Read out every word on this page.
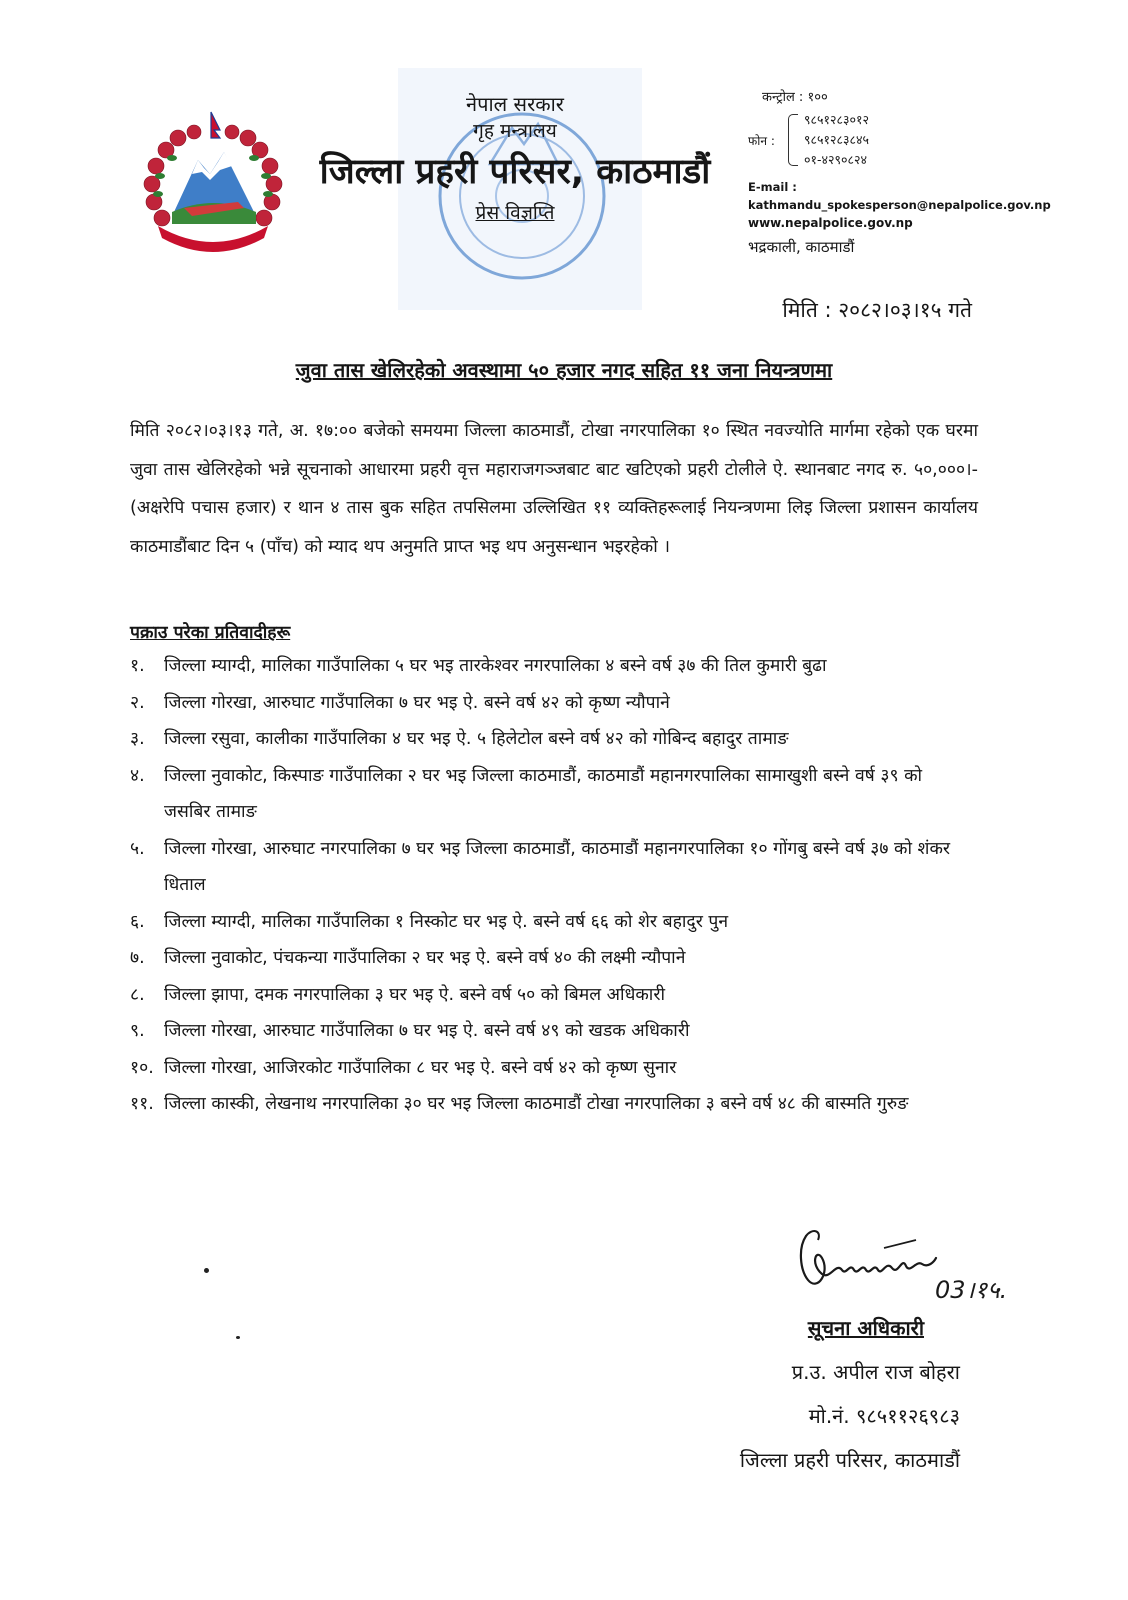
नेपाल सरकार
गृह मन्त्रालय
जिल्ला प्रहरी परिसर, काठमाडौं
प्रेस विज्ञप्ति
कन्ट्रोल : १००
फोन :
९८५१२८३०१२
९८५१२८३८४५
०१-४२९०८२४
E-mail : kathmandu_spokesperson@nepalpolice.gov.np
www.nepalpolice.gov.np
भद्रकाली, काठमाडौं
मिति : २०८२।०३।१५ गते
जुवा तास खेलिरहेको अवस्थामा ५० हजार नगद सहित ११ जना नियन्त्रणमा

मिति २०८२।०३।१३ गते, अ. १७:०० बजेको समयमा जिल्ला काठमाडौं, टोखा नगरपालिका १० स्थित नवज्योति मार्गमा रहेको एक घरमा जुवा तास खेलिरहेको भन्ने सूचनाको आधारमा प्रहरी वृत्त महाराजगञ्जबाट बाट खटिएको प्रहरी टोलीले ऐ. स्थानबाट नगद रु. ५०,०००।- (अक्षरेपि पचास हजार) र थान ४ तास बुक सहित तपसिलमा उल्लिखित ११ व्यक्तिहरूलाई नियन्त्रणमा लिइ जिल्ला प्रशासन कार्यालय काठमाडौंबाट दिन ५ (पाँच) को म्याद थप अनुमति प्राप्त भइ थप अनुसन्धान भइरहेको ।

पक्राउ परेका प्रतिवादीहरू
१.	जिल्ला म्याग्दी, मालिका गाउँपालिका ५ घर भइ तारकेश्वर नगरपालिका ४ बस्ने वर्ष ३७ की तिल कुमारी बुढा
२.	जिल्ला गोरखा, आरुघाट गाउँपालिका ७ घर भइ ऐ. बस्ने वर्ष ४२ को कृष्ण न्यौपाने
३.	जिल्ला रसुवा, कालीका गाउँपालिका ४ घर भइ ऐ. ५ हिलेटोल बस्ने वर्ष ४२ को गोबिन्द बहादुर तामाङ
४.	जिल्ला नुवाकोट, किस्पाङ गाउँपालिका २ घर भइ जिल्ला काठमाडौं, काठमाडौं महानगरपालिका सामाखुशी बस्ने वर्ष ३९ को जसबिर तामाङ
५.	जिल्ला गोरखा, आरुघाट नगरपालिका ७ घर भइ जिल्ला काठमाडौं, काठमाडौं महानगरपालिका १० गोंगबु बस्ने वर्ष ३७ को शंकर धिताल
६.	जिल्ला म्याग्दी, मालिका गाउँपालिका १ निस्कोट घर भइ ऐ. बस्ने वर्ष ६६ को शेर बहादुर पुन
७.	जिल्ला नुवाकोट, पंचकन्या गाउँपालिका २ घर भइ ऐ. बस्ने वर्ष ४० की लक्ष्मी न्यौपाने
८.	जिल्ला झापा, दमक नगरपालिका ३ घर भइ ऐ. बस्ने वर्ष ५० को बिमल अधिकारी
९.	जिल्ला गोरखा, आरुघाट गाउँपालिका ७ घर भइ ऐ. बस्ने वर्ष ४९ को खडक अधिकारी
१०. जिल्ला गोरखा, आजिरकोट गाउँपालिका ८ घर भइ ऐ. बस्ने वर्ष ४२ को कृष्ण सुनार
११. जिल्ला कास्की, लेखनाथ नगरपालिका ३० घर भइ जिल्ला काठमाडौं टोखा नगरपालिका ३ बस्ने वर्ष ४८ की बास्मति गुरुङ
03।१५.
सूचना अधिकारी
प्र.उ. अपील राज बोहरा
मो.नं. ९८५११२६९८३
जिल्ला प्रहरी परिसर, काठमाडौं
